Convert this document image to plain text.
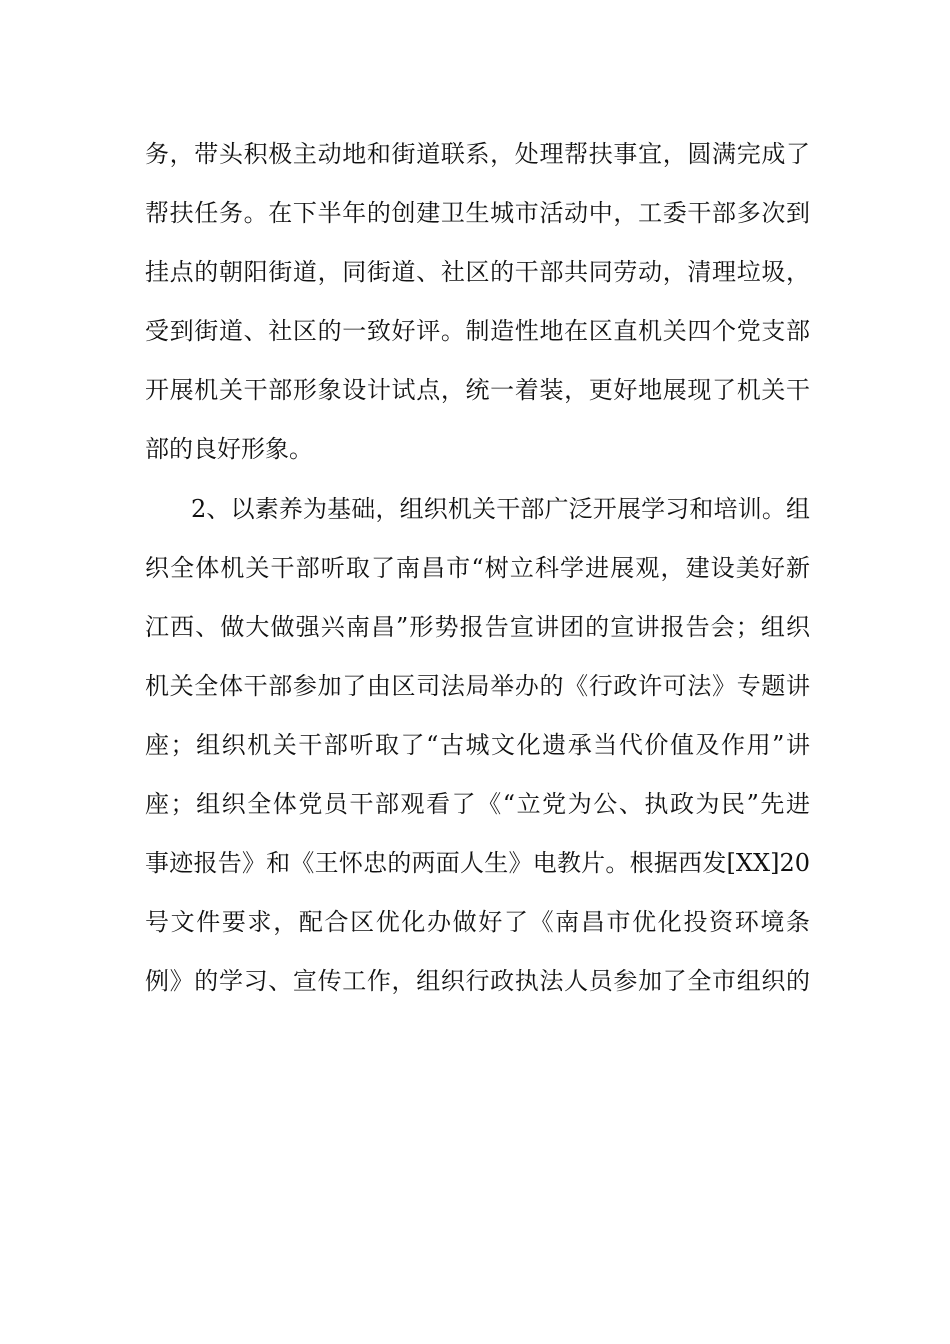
务，带头积极主动地和街道联系，处理帮扶事宜，圆满完成了
帮扶任务。在下半年的创建卫生城市活动中，工委干部多次到
挂点的朝阳街道，同街道、社区的干部共同劳动，清理垃圾，
受到街道、社区的一致好评。制造性地在区直机关四个党支部
开展机关干部形象设计试点，统一着装，更好地展现了机关干
部的良好形象。
2、以素养为基础，组织机关干部广泛开展学习和培训。组
织全体机关干部听取了南昌市“树立科学进展观，建设美好新
江西、做大做强兴南昌”形势报告宣讲团的宣讲报告会；组织
机关全体干部参加了由区司法局举办的《行政许可法》专题讲
座；组织机关干部听取了“古城文化遗承当代价值及作用”讲
座；组织全体党员干部观看了《“立党为公、执政为民”先进
事迹报告》和《王怀忠的两面人生》电教片。根据西发[XX]20
号文件要求，配合区优化办做好了《南昌市优化投资环境条
例》的学习、宣传工作，组织行政执法人员参加了全市组织的
